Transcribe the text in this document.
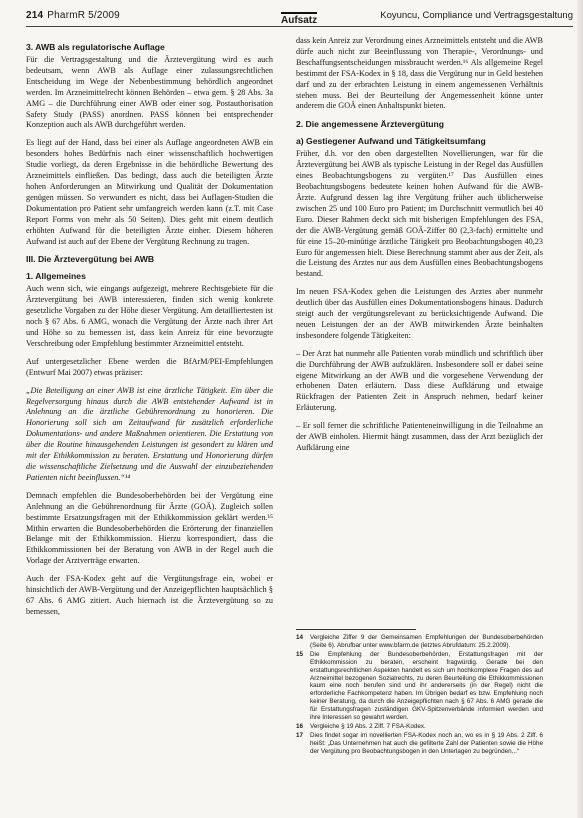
214 PharmR 5/2009	Aufsatz	Koyuncu, Compliance und Vertragsgestaltung
3. AWB als regulatorische Auflage

Für die Vertragsgestaltung und die Ärztevergütung wird es auch bedeutsam, wenn AWB als Auflage einer zulassungsrechtlichen Entscheidung im Wege der Nebenbestimmung behördlich angeordnet werden. Im Arzneimittelrecht können Behörden – etwa gem. § 28 Abs. 3a AMG – die Durchführung einer AWB oder einer sog. Postauthorisation Safety Study (PASS) anordnen. PASS können bei entsprechender Konzeption auch als AWB durchgeführt werden.

Es liegt auf der Hand, dass bei einer als Auflage angeordneten AWB ein besonders hohes Bedürfnis nach einer wissenschaftlich hochwertigen Studie vorliegt, da deren Ergebnisse in die behördliche Bewertung des Arzneimittels einfließen. Das bedingt, dass auch die beteiligten Ärzte hohen Anforderungen an Mitwirkung und Qualität der Dokumentation genügen müssen. So verwundert es nicht, dass bei Auflagen-Studien die Dokumentation pro Patient sehr umfangreich werden kann (z.T. mit Case Report Forms von mehr als 50 Seiten). Dies geht mit einem deutlich erhöhten Aufwand für die beteiligten Ärzte einher. Diesem höheren Aufwand ist auch auf der Ebene der Vergütung Rechnung zu tragen.

III. Die Ärztevergütung bei AWB
1. Allgemeines

Auch wenn sich, wie eingangs aufgezeigt, mehrere Rechtsgebiete für die Ärztevergütung bei AWB interessieren, finden sich wenig konkrete gesetzliche Vorgaben zu der Höhe dieser Vergütung. Am detailliertesten ist noch § 67 Abs. 6 AMG, wonach die Vergütung der Ärzte nach ihrer Art und Höhe so zu bemessen ist, dass kein Anreiz für eine bevorzugte Verschreibung oder Empfehlung bestimmter Arzneimittel entsteht.

Auf untergesetzlicher Ebene werden die BfArM/PEI-Empfehlungen (Entwurf Mai 2007) etwas präziser:

„Die Beteiligung an einer AWB ist eine ärztliche Tätigkeit. Ein über die Regelversorgung hinaus durch die AWB entstehender Aufwand ist in Anlehnung an die ärztliche Gebührenordnung zu honorieren. Die Honorierung soll sich am Zeitaufwand für zusätzlich erforderliche Dokumentations- und andere Maßnahmen orientieren. Die Erstattung von über die Routine hinausgehenden Leistungen ist gesondert zu klären und mit der Ethikkommission zu beraten. Erstattung und Honorierung dürfen die wissenschaftliche Zielsetzung und die Auswahl der einzubeziehenden Patienten nicht beeinflussen.“¹⁴

Demnach empfehlen die Bundesoberbehörden bei der Vergütung eine Anlehnung an die Gebührenordnung für Ärzte (GOÄ). Zugleich sollen bestimmte Ersatzungsfragen mit der Ethikkommission geklärt werden.¹⁵ Mithin erwarten die Bundesoberbehörden die Erörterung der finanziellen Belange mit der Ethikkommission. Hierzu korrespondiert, dass die Ethikkommissionen bei der Beratung von AWB in der Regel auch die Vorlage der Arztverträge erwarten.

Auch der FSA-Kodex geht auf die Vergütungsfrage ein, wobei er hinsichtlich der AWB-Vergütung und der Anzeigepflichten hauptsächlich § 67 Abs. 6 AMG zitiert. Auch hiernach ist die Ärztevergütung so zu bemessen,

dass kein Anreiz zur Verordnung eines Arzneimittels entsteht und die AWB dürfe auch nicht zur Beeinflussung von Therapie-, Verordnungs- und Beschaffungsentscheidungen missbraucht werden.¹⁶ Als allgemeine Regel bestimmt der FSA-Kodex in § 18, dass die Vergütung nur in Geld bestehen darf und zu der erbrachten Leistung in einem angemessenen Verhältnis stehen muss. Bei der Beurteilung der Angemessenheit könne unter anderem die GOÄ einen Anhaltspunkt bieten.

2. Die angemessene Ärztevergütung
a) Gestiegener Aufwand und Tätigkeitsumfang

Früher, d.h. vor den oben dargestellten Novellierungen, war für die Ärztevergütung bei AWB als typische Leistung in der Regel das Ausfüllen eines Beobachtungsbogens zu vergüten.¹⁷ Das Ausfüllen eines Beobachtungsbogens bedeutete keinen hohen Aufwand für die AWB-Ärzte. Aufgrund dessen lag ihre Vergütung früher auch üblicherweise zwischen 25 und 100 Euro pro Patient; im Durchschnitt vermutlich bei 40 Euro. Dieser Rahmen deckt sich mit bisherigen Empfehlungen des FSA, der die AWB-Vergütung gemäß GOÄ-Ziffer 80 (2,3-fach) ermittelte und für eine 15–20-minütige ärztliche Tätigkeit pro Beobachtungsbogen 40,23 Euro für angemessen hielt. Diese Berechnung stammt aber aus der Zeit, als die Leistung des Arztes nur aus dem Ausfüllen eines Beobachtungsbogens bestand.

Im neuen FSA-Kodex geben die Leistungen des Arztes aber nunmehr deutlich über das Ausfüllen eines Dokumentationsbogens hinaus. Dadurch steigt auch der vergütungsrelevant zu berücksichtigende Aufwand. Die neuen Leistungen der an der AWB mitwirkenden Ärzte beinhalten insbesondere folgende Tätigkeiten:

– Der Arzt hat nunmehr alle Patienten vorab mündlich und schriftlich über die Durchführung der AWB aufzuklären. Insbesondere soll er dabei seine eigene Mitwirkung an der AWB und die vorgesehene Verwendung der erhobenen Daten erläutern. Dass diese Aufklärung und etwaige Rückfragen der Patienten Zeit in Anspruch nehmen, bedarf keiner Erläuterung.

– Er soll ferner die schriftliche Patienteneinwilligung in die Teilnahme an der AWB einholen. Hiermit hängt zusammen, dass der Arzt bezüglich der Aufklärung eine

14	Vergleiche Ziffer 9 der Gemeinsamen Empfehlungen der Bundesoberbehörden (Seite 6). Abrufbar unter www.bfarm.de (letztes Abrufdatum: 25.2.2009).
15	Die Empfehlung der Bundesoberbehörden, Erstattungsfragen mit der Ethikkommission zu beraten, erscheint fragwürdig. Gerade bei den erstattungsrechtlichen Aspekten handelt es sich um hochkomplexe Fragen des auf Arzneimittel bezogenen Sozialrechts, zu deren Beurteilung die Ethikkommissionen kaum eine noch berufen sind und ihr andererseits (in der Regel) nicht die erforderliche Fachkompetenz haben. Im Übrigen bedarf es bzw. Empfehlung noch keiner Beratung, da durch die Anzeigepflichten nach § 67 Abs. 6 AMG gerade die für Erstattungsfragen zuständigen GKV-Spitzenverbände informiert werden und ihre Interessen so gewahrt werden.
16	Vergleiche § 19 Abs. 2 Ziff. 7 FSA-Kodex.
17	Dies findet sogar im novellierten FSA-Kodex noch an, wo es in § 19 Abs. 2 Ziff. 6 heißt: „Das Unternehmen hat auch die gefilterte Zahl der Patienten sowie die Höhe der Vergütung pro Beobachtungsbogen in den Unterlagen zu begründen...“
